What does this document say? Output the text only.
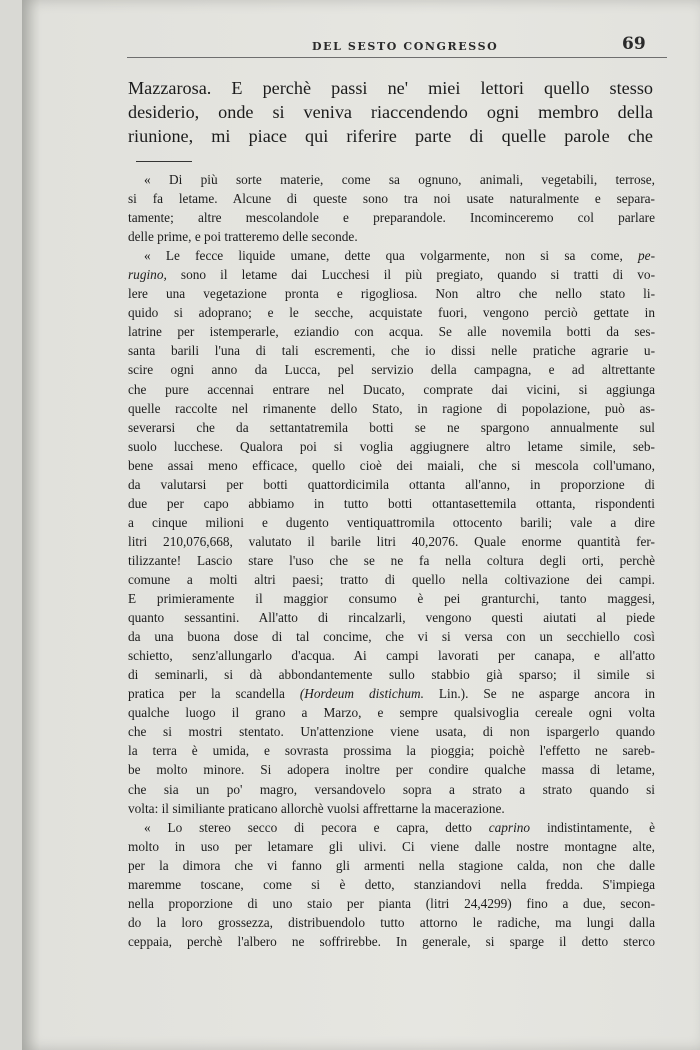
DEL SESTO CONGRESSO	69
Mazzarosa. E perchè passi ne' miei lettori quello stesso
desiderio, onde si veniva riaccendendo ogni membro della
riunione, mi piace qui riferire parte di quelle parole che

« Di più sorte materie, come sa ognuno, animali, vegetabili, terrose,
si fa letame. Alcune di queste sono tra noi usate naturalmente e separa-
tamente; altre mescolandole e preparandole. Incominceremo col parlare
delle prime, e poi tratteremo delle seconde.

« Le fecce liquide umane, dette qua volgarmente, non si sa come, pe-
rugino, sono il letame dai Lucchesi il più pregiato, quando si tratti di vo-
lere una vegetazione pronta e rigogliosa. Non altro che nello stato li-
quido si adoprano; e le secche, acquistate fuori, vengono perciò gettate in
latrine per istemperarle, eziandio con acqua. Se alle novemila botti da ses-
santa barili l'una di tali escrementi, che io dissi nelle pratiche agrarie u-
scire ogni anno da Lucca, pel servizio della campagna, e ad altrettante
che pure accennai entrare nel Ducato, comprate dai vicini, si aggiunga
quelle raccolte nel rimanente dello Stato, in ragione di popolazione, può as-
severarsi che da settantatremila botti se ne spargono annualmente sul
suolo lucchese. Qualora poi si voglia aggiugnere altro letame simile, seb-
bene assai meno efficace, quello cioè dei maiali, che si mescola coll'umano,
da valutarsi per botti quattordicimila ottanta all'anno, in proporzione di
due per capo abbiamo in tutto botti ottantasettemila ottanta, rispondenti
a cinque milioni e dugento ventiquattromila ottocento barili; vale a dire
litri 210,076,668, valutato il barile litri 40,2076. Quale enorme quantità fer-
tilizzante! Lascio stare l'uso che se ne fa nella coltura degli orti, perchè
comune a molti altri paesi; tratto di quello nella coltivazione dei campi.
E primieramente il maggior consumo è pei granturchi, tanto maggesi,
quanto sessantini. All'atto di rincalzarli, vengono questi aiutati al piede
da una buona dose di tal concime, che vi si versa con un secchiello così
schietto, senz'allungarlo d'acqua. Ai campi lavorati per canapa, e all'atto
di seminarli, si dà abbondantemente sullo stabbio già sparso; il simile si
pratica per la scandella (Hordeum distichum. Lin.). Se ne asparge ancora in
qualche luogo il grano a Marzo, e sempre qualsivoglia cereale ogni volta
che si mostri stentato. Un'attenzione viene usata, di non ispargerlo quando
la terra è umida, e sovrasta prossima la pioggia; poichè l'effetto ne sareb-
be molto minore. Si adopera inoltre per condire qualche massa di letame,
che sia un po' magro, versandovelo sopra a strato a strato quando si
volta: il similiante praticano allorchè vuolsi affrettarne la macerazione.

« Lo stereo secco di pecora e capra, detto caprino indistintamente, è
molto in uso per letamare gli ulivi. Ci viene dalle nostre montagne alte,
per la dimora che vi fanno gli armenti nella stagione calda, non che dalle
maremme toscane, come si è detto, stanziandovi nella fredda. S'impiega
nella proporzione di uno staio per pianta (litri 24,4299) fino a due, secon-
do la loro grossezza, distribuendolo tutto attorno le radiche, ma lungi dalla
ceppaia, perchè l'albero ne soffrirebbe. In generale, si sparge il detto sterco
